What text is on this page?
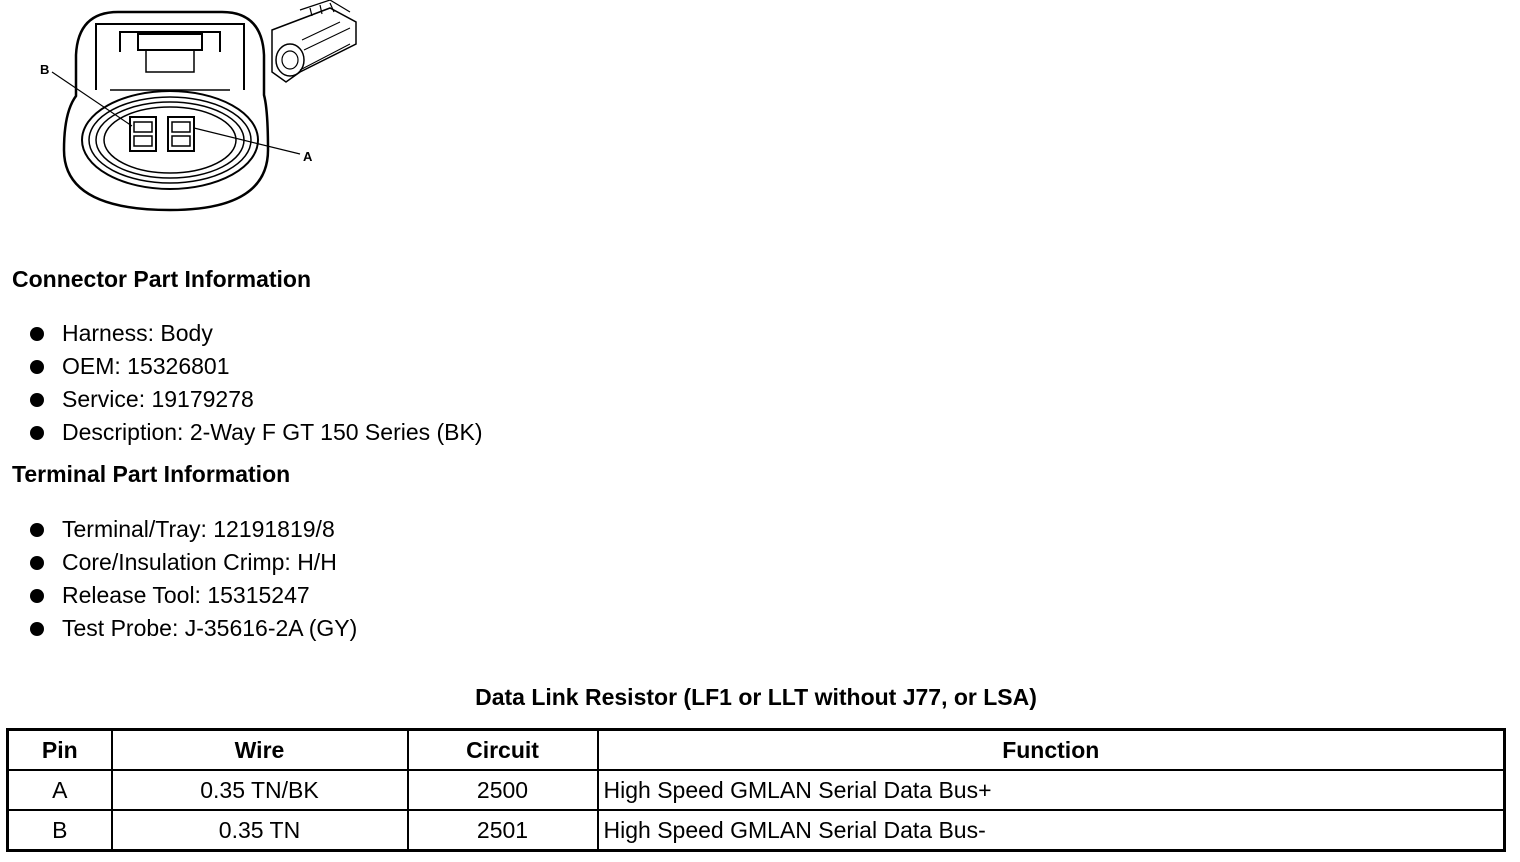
B
A
Connector Part Information
Harness: Body
OEM: 15326801
Service: 19179278
Description: 2-Way F GT 150 Series (BK)
Terminal Part Information
Terminal/Tray: 12191819/8
Core/Insulation Crimp: H/H
Release Tool: 15315247
Test Probe: J-35616-2A (GY)
Data Link Resistor (LF1 or LLT without J77, or LSA)
Pin	Wire	Circuit	Function
A	0.35 TN/BK	2500	High Speed GMLAN Serial Data Bus+
B	0.35 TN	2501	High Speed GMLAN Serial Data Bus-
